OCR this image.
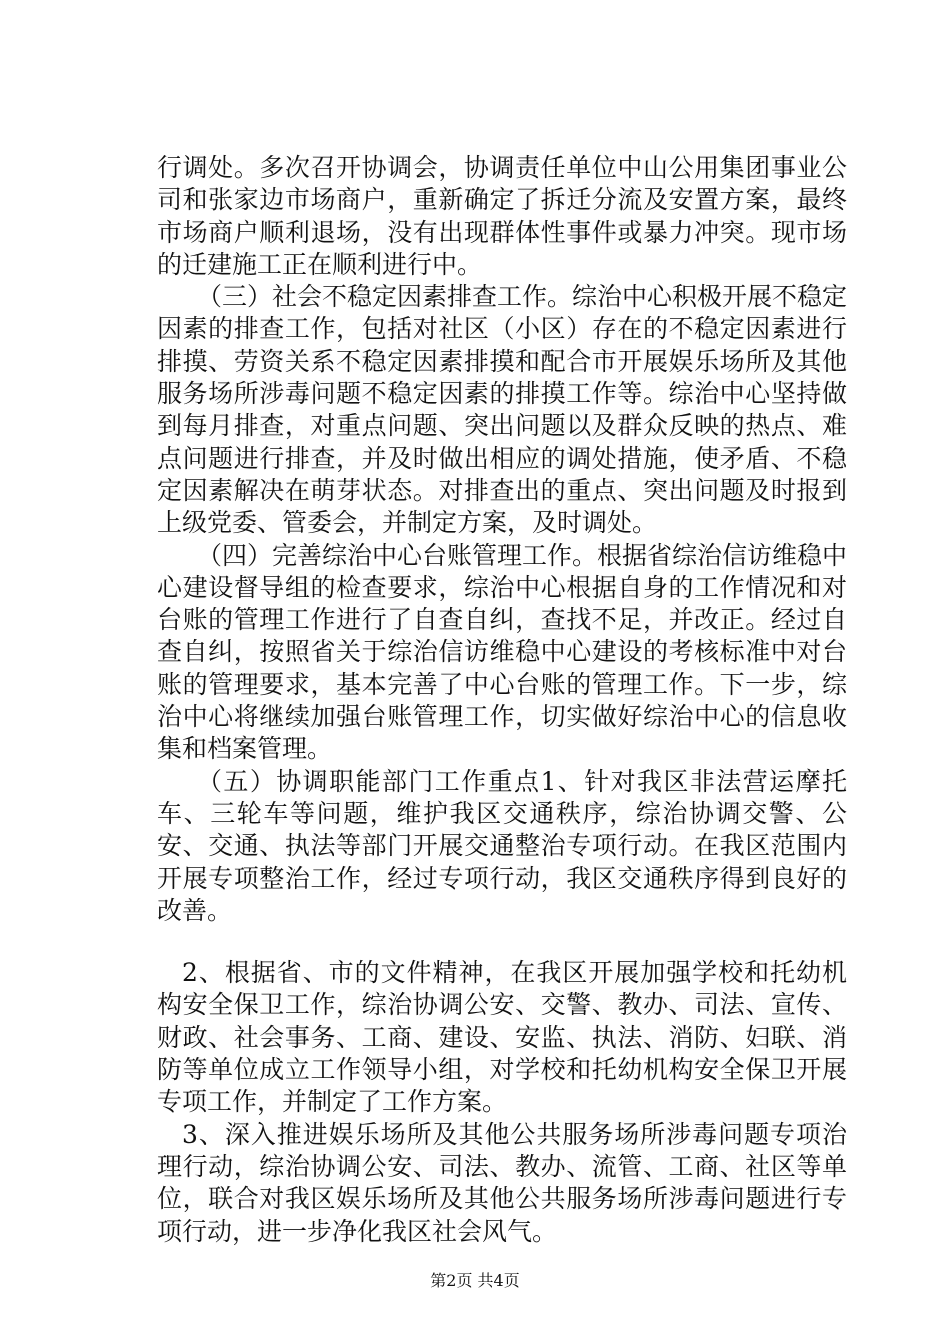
行调处。多次召开协调会，协调责任单位中山公用集团事业公司和张家边市场商户，重新确定了拆迁分流及安置方案，最终市场商户顺利退场，没有出现群体性事件或暴力冲突。现市场的迁建施工正在顺利进行中。

（三）社会不稳定因素排查工作。综治中心积极开展不稳定因素的排查工作，包括对社区（小区）存在的不稳定因素进行排摸、劳资关系不稳定因素排摸和配合市开展娱乐场所及其他服务场所涉毒问题不稳定因素的排摸工作等。综治中心坚持做到每月排查，对重点问题、突出问题以及群众反映的热点、难点问题进行排查，并及时做出相应的调处措施，使矛盾、不稳定因素解决在萌芽状态。对排查出的重点、突出问题及时报到上级党委、管委会，并制定方案，及时调处。

（四）完善综治中心台账管理工作。根据省综治信访维稳中心建设督导组的检查要求，综治中心根据自身的工作情况和对台账的管理工作进行了自查自纠，查找不足，并改正。经过自查自纠，按照省关于综治信访维稳中心建设的考核标准中对台账的管理要求，基本完善了中心台账的管理工作。下一步，综治中心将继续加强台账管理工作，切实做好综治中心的信息收集和档案管理。

（五）协调职能部门工作重点1、针对我区非法营运摩托车、三轮车等问题，维护我区交通秩序，综治协调交警、公安、交通、执法等部门开展交通整治专项行动。在我区范围内开展专项整治工作，经过专项行动，我区交通秩序得到良好的改善。

2、根据省、市的文件精神，在我区开展加强学校和托幼机构安全保卫工作，综治协调公安、交警、教办、司法、宣传、财政、社会事务、工商、建设、安监、执法、消防、妇联、消防等单位成立工作领导小组，对学校和托幼机构安全保卫开展专项工作，并制定了工作方案。

3、深入推进娱乐场所及其他公共服务场所涉毒问题专项治理行动，综治协调公安、司法、教办、流管、工商、社区等单位，联合对我区娱乐场所及其他公共服务场所涉毒问题进行专项行动，进一步净化我区社会风气。

第2页 共4页
